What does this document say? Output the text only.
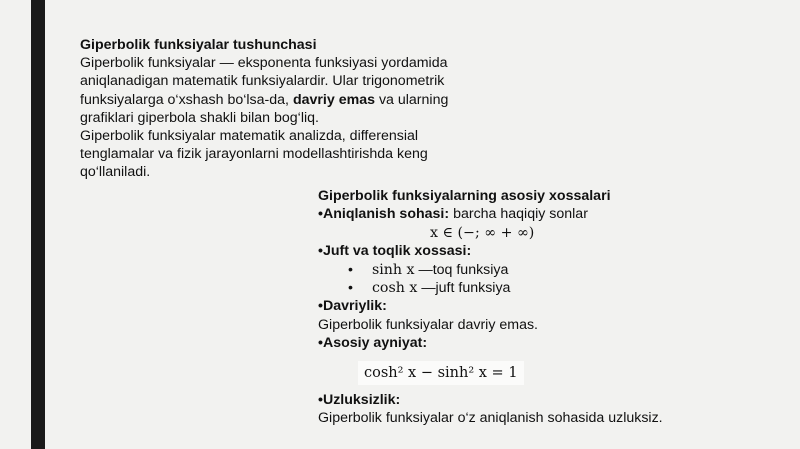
Giperbolik funksiyalar tushunchasi

Giperbolik funksiyalar — eksponenta funksiyasi yordamida aniqlanadigan matematik funksiyalardir. Ular trigonometrik funksiyalarga o‘xshash bo‘lsa-da, davriy emas va ularning grafiklari giperbola shakli bilan bog‘liq.

Giperbolik funksiyalar matematik analizda, differensial tenglamalar va fizik jarayonlarni modellashtirishda keng qo‘llaniladi.

Giperbolik funksiyalarning asosiy xossalari
•Aniqlanish sohasi: barcha haqiqiy sonlar
x ∈ (−; ∞ + ∞)
•Juft va toqlik xossasi:
• sinh x —toq funksiya
• cosh x —juft funksiya
•Davriylik:
Giperbolik funksiyalar davriy emas.
•Asosiy ayniyat:
cosh² x − sinh² x = 1
•Uzluksizlik:
Giperbolik funksiyalar o‘z aniqlanish sohasida uzluksiz.
